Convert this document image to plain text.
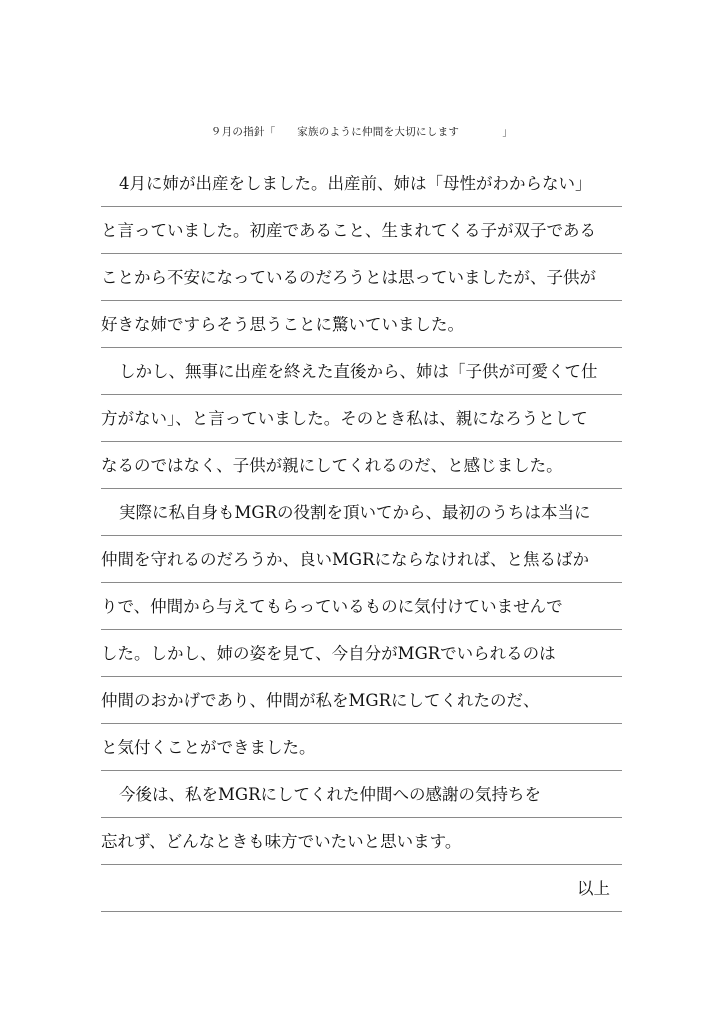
９月の指針「　　家族のように仲間を大切にします　　　　」
4月に姉が出産をしました。出産前、姉は「母性がわからない」
と言っていました。初産であること、生まれてくる子が双子である
ことから不安になっているのだろうとは思っていましたが、子供が
好きな姉ですらそう思うことに驚いていました。
しかし、無事に出産を終えた直後から、姉は「子供が可愛くて仕
方がない」、と言っていました。そのとき私は、親になろうとして
なるのではなく、子供が親にしてくれるのだ、と感じました。
実際に私自身もMGRの役割を頂いてから、最初のうちは本当に
仲間を守れるのだろうか、良いMGRにならなければ、と焦るばか
りで、仲間から与えてもらっているものに気付けていませんで
した。しかし、姉の姿を見て、今自分がMGRでいられるのは
仲間のおかげであり、仲間が私をMGRにしてくれたのだ、
と気付くことができました。
今後は、私をMGRにしてくれた仲間への感謝の気持ちを
忘れず、どんなときも味方でいたいと思います。
以上
